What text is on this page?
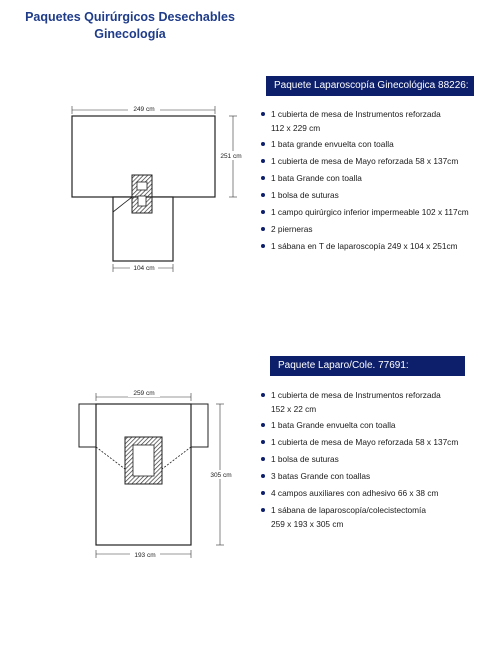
Paquetes Quirúrgicos Desechables
Ginecología
249 cm
251 cm
104 cm
259 cm
305 cm
193 cm
Paquete Laparoscopía Ginecológica 88226:
1 cubierta de mesa de Instrumentos reforzada
112 x 229 cm
1 bata grande envuelta con toalla
1 cubierta de mesa de Mayo reforzada 58 x 137cm
1 bata Grande con toalla
1 bolsa de suturas
1 campo quirúrgico inferior impermeable 102 x 117cm
2 pierneras
1 sábana en T de laparoscopía 249 x 104 x 251cm
Paquete Laparo/Cole. 77691:
1 cubierta de mesa de Instrumentos reforzada
152 x 22 cm
1 bata Grande envuelta con toalla
1 cubierta de mesa de Mayo reforzada 58 x 137cm
1 bolsa de suturas
3 batas Grande con toallas
4 campos auxiliares con adhesivo 66 x 38 cm
1 sábana de laparoscopía/colecistectomía
259 x 193 x 305 cm
